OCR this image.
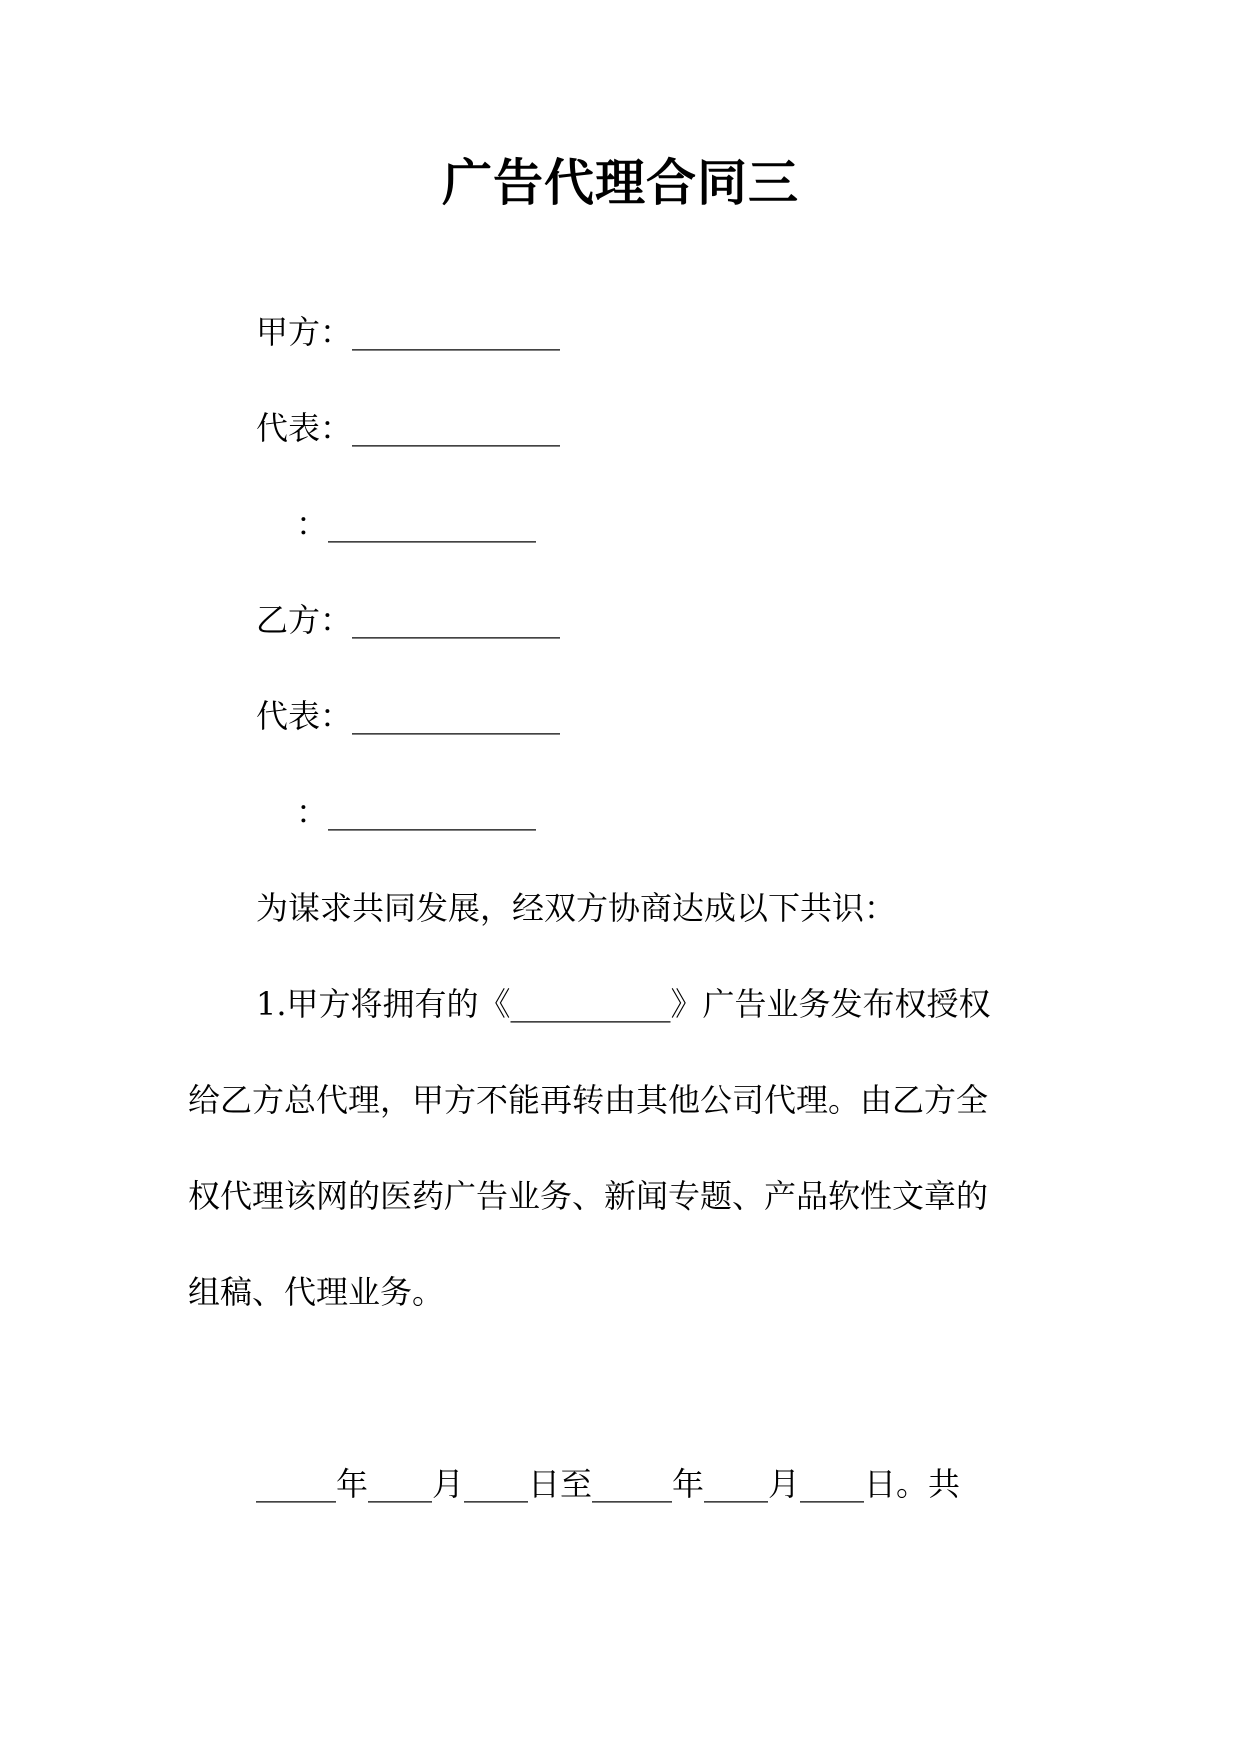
广告代理合同三
甲方：_____________
代表：_____________
：_____________
乙方：_____________
代表：_____________
：_____________
为谋求共同发展，经双方协商达成以下共识：
1.甲方将拥有的《__________》广告业务发布权授权
给乙方总代理，甲方不能再转由其他公司代理。由乙方全
权代理该网的医药广告业务、新闻专题、产品软性文章的
组稿、代理业务。
_____年____月____日至_____年____月____日。共
